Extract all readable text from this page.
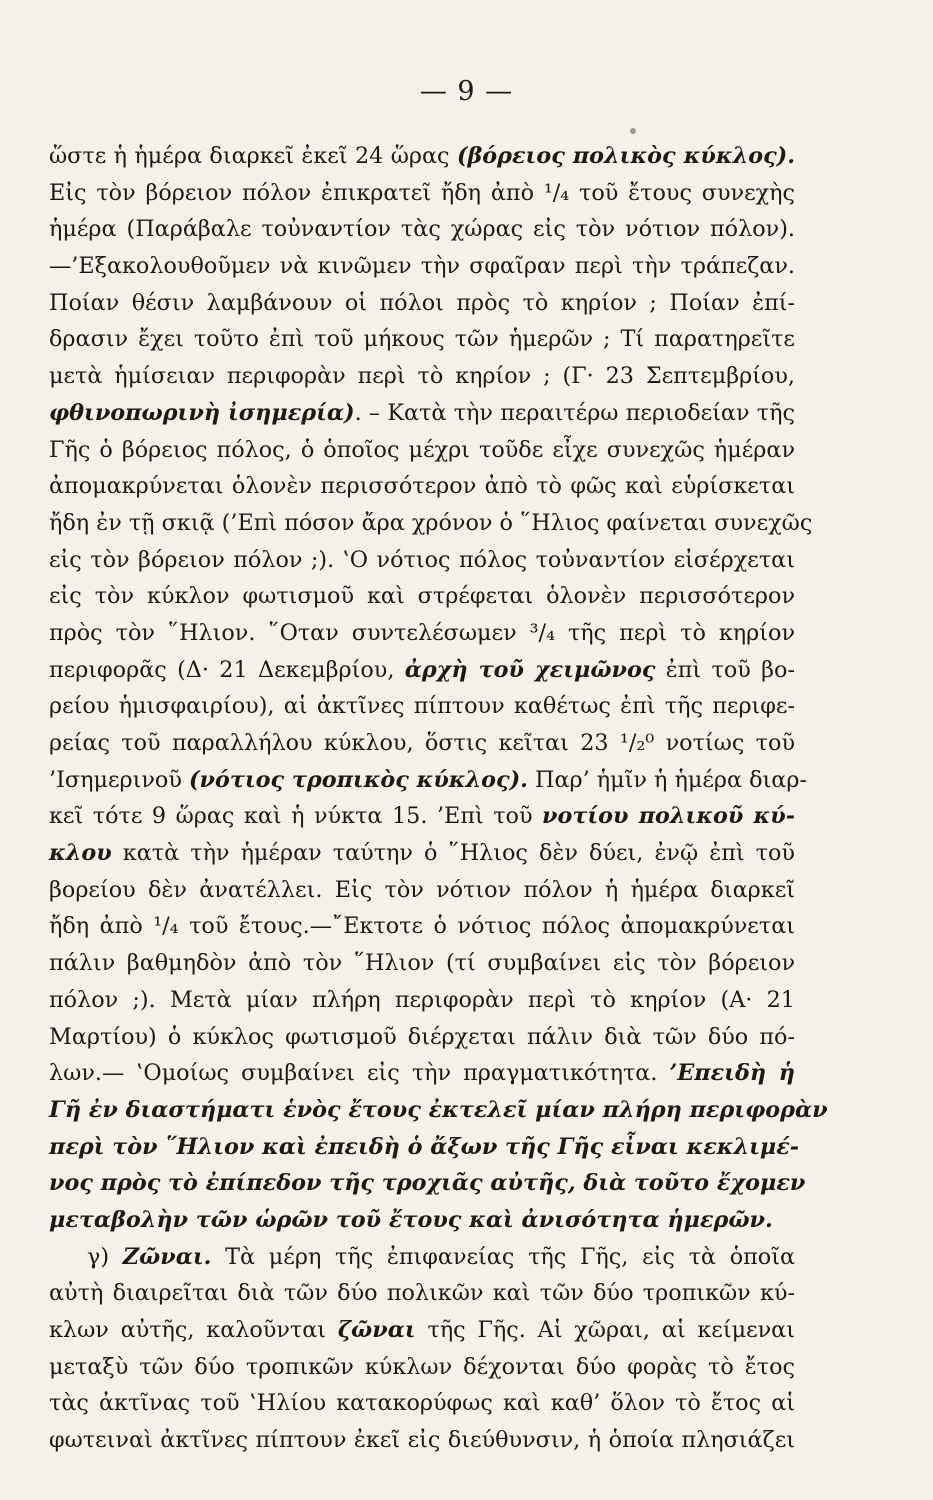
— 9 —
ὥστε ἡ ἡμέρα διαρκεῖ ἐκεῖ 24 ὥρας (βόρειος πολικὸς κύκλος).
Εἰς τὸν βόρειον πόλον ἐπικρατεῖ ἤδη ἀπὸ ¹/₄ τοῦ ἔτους συνεχὴς
ἡμέρα (Παράβαλε τοὐναντίον τὰς χώρας εἰς τὸν νότιον πόλον).
—’Εξακολουθοῦμεν νὰ κινῶμεν τὴν σφαῖραν περὶ τὴν τράπεζαν.
Ποίαν θέσιν λαμβάνουν οἱ πόλοι πρὸς τὸ κηρίον ; Ποίαν ἐπί-
δρασιν ἔχει τοῦτο ἐπὶ τοῦ μήκους τῶν ἡμερῶν ; Τί παρατηρεῖτε
μετὰ ἡμίσειαν περιφορὰν περὶ τὸ κηρίον ; (Γ· 23 Σεπτεμβρίου,
φθινοπωρινὴ ἰσημερία). – Κατὰ τὴν περαιτέρω περιοδείαν τῆς
Γῆς ὁ βόρειος πόλος, ὁ ὁποῖος μέχρι τοῦδε εἶχε συνεχῶς ἡμέραν
ἀπομακρύνεται ὁλονὲν περισσότερον ἀπὸ τὸ φῶς καὶ εὑρίσκεται
ἤδη ἐν τῇ σκιᾷ (’Επὶ πόσον ἄρα χρόνον ὁ ῞Ηλιος φαίνεται συνεχῶς
εἰς τὸν βόρειον πόλον ;). ‛Ο νότιος πόλος τοὐναντίον εἰσέρχεται
εἰς τὸν κύκλον φωτισμοῦ καὶ στρέφεται ὁλονὲν περισσότερον
πρὸς τὸν ῞Ηλιον. ῞Οταν συντελέσωμεν ³/₄ τῆς περὶ τὸ κηρίον
περιφορᾶς (Δ· 21 Δεκεμβρίου, ἀρχὴ τοῦ χειμῶνος ἐπὶ τοῦ βο-
ρείου ἡμισφαιρίου), αἱ ἀκτῖνες πίπτουν καθέτως ἐπὶ τῆς περιφε-
ρείας τοῦ παραλλήλου κύκλου, ὅστις κεῖται 23 ¹/₂⁰ νοτίως τοῦ
’Ισημερινοῦ (νότιος τροπικὸς κύκλος). Παρ’ ἡμῖν ἡ ἡμέρα διαρ-
κεῖ τότε 9 ὥρας καὶ ἡ νύκτα 15. ’Επὶ τοῦ νοτίου πολικοῦ κύ-
κλου κατὰ τὴν ἡμέραν ταύτην ὁ ῞Ηλιος δὲν δύει, ἐνῷ ἐπὶ τοῦ
βορείου δὲν ἀνατέλλει. Εἰς τὸν νότιον πόλον ἡ ἡμέρα διαρκεῖ
ἤδη ἀπὸ ¹/₄ τοῦ ἔτους.—῎Εκτοτε ὁ νότιος πόλος ἀπομακρύνεται
πάλιν βαθμηδὸν ἀπὸ τὸν ῞Ηλιον (τί συμβαίνει εἰς τὸν βόρειον
πόλον ;). Μετὰ μίαν πλήρη περιφορὰν περὶ τὸ κηρίον (Α· 21
Μαρτίου) ὁ κύκλος φωτισμοῦ διέρχεται πάλιν διὰ τῶν δύο πό-
λων.— ‛Ομοίως συμβαίνει εἰς τὴν πραγματικότητα. ’Επειδὴ ἡ
Γῆ ἐν διαστήματι ἑνὸς ἔτους ἐκτελεῖ μίαν πλήρη περιφορὰν
περὶ τὸν ῞Ηλιον καὶ ἐπειδὴ ὁ ἄξων τῆς Γῆς εἶναι κεκλιμέ-
νος πρὸς τὸ ἐπίπεδον τῆς τροχιᾶς αὐτῆς, διὰ τοῦτο ἔχομεν
μεταβολὴν τῶν ὡρῶν τοῦ ἔτους καὶ ἀνισότητα ἡμερῶν.
γ) Ζῶναι. Τὰ μέρη τῆς ἐπιφανείας τῆς Γῆς, εἰς τὰ ὁποῖα
αὐτὴ διαιρεῖται διὰ τῶν δύο πολικῶν καὶ τῶν δύο τροπικῶν κύ-
κλων αὐτῆς, καλοῦνται ζῶναι τῆς Γῆς. Αἱ χῶραι, αἱ κείμεναι
μεταξὺ τῶν δύο τροπικῶν κύκλων δέχονται δύο φορὰς τὸ ἔτος
τὰς ἀκτῖνας τοῦ ‛Ηλίου κατακορύφως καὶ καθ’ ὅλον τὸ ἔτος αἱ
φωτειναὶ ἀκτῖνες πίπτουν ἐκεῖ εἰς διεύθυνσιν, ἡ ὁποία πλησιάζει
